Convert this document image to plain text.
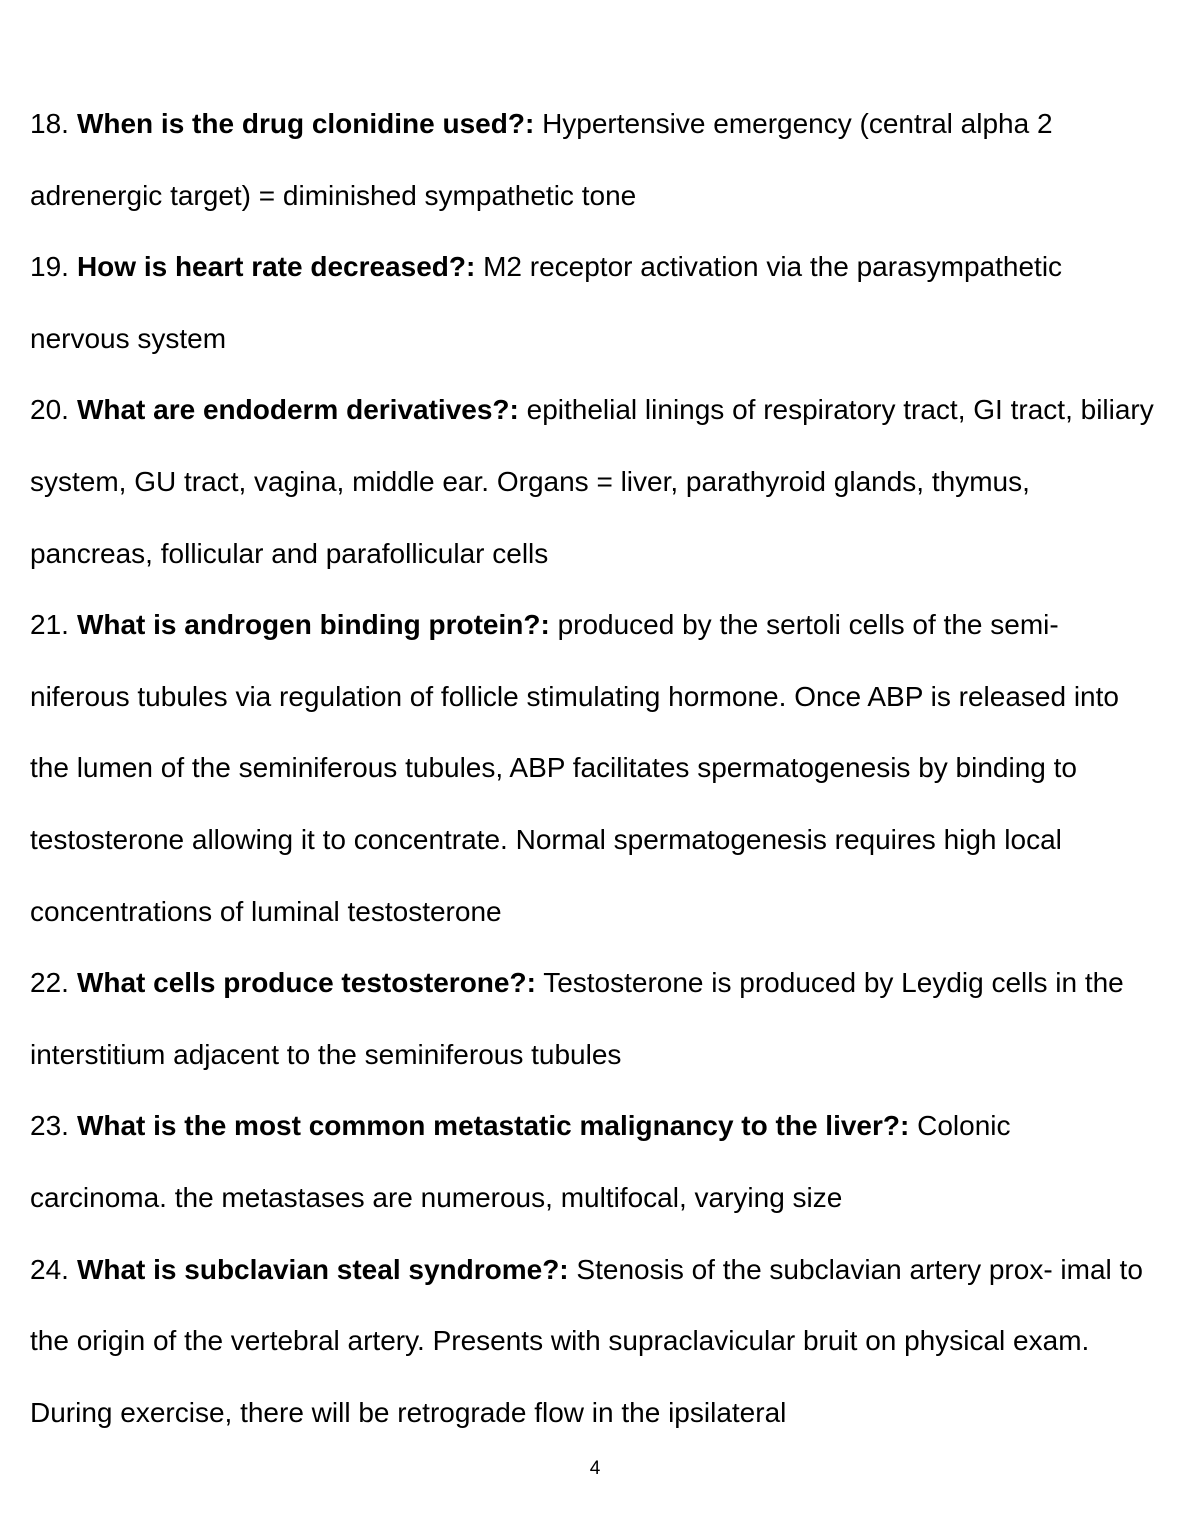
18. When is the drug clonidine used?: Hypertensive emergency (central alpha 2 adrenergic target) = diminished sympathetic tone

19. How is heart rate decreased?: M2 receptor activation via the parasympathetic nervous system

20. What are endoderm derivatives?: epithelial linings of respiratory tract, GI tract, biliary system, GU tract, vagina, middle ear. Organs = liver, parathyroid glands, thymus, pancreas, follicular and parafollicular cells

21. What is androgen binding protein?: produced by the sertoli cells of the semi- niferous tubules via regulation of follicle stimulating hormone. Once ABP is released into the lumen of the seminiferous tubules, ABP facilitates spermatogenesis by binding to testosterone allowing it to concentrate. Normal spermatogenesis requires high local concentrations of luminal testosterone

22. What cells produce testosterone?: Testosterone is produced by Leydig cells in the interstitium adjacent to the seminiferous tubules

23. What is the most common metastatic malignancy to the liver?: Colonic carcinoma. the metastases are numerous, multifocal, varying size

24. What is subclavian steal syndrome?: Stenosis of the subclavian artery prox- imal to the origin of the vertebral artery. Presents with supraclavicular bruit on physical exam. During exercise, there will be retrograde flow in the ipsilateral

4
